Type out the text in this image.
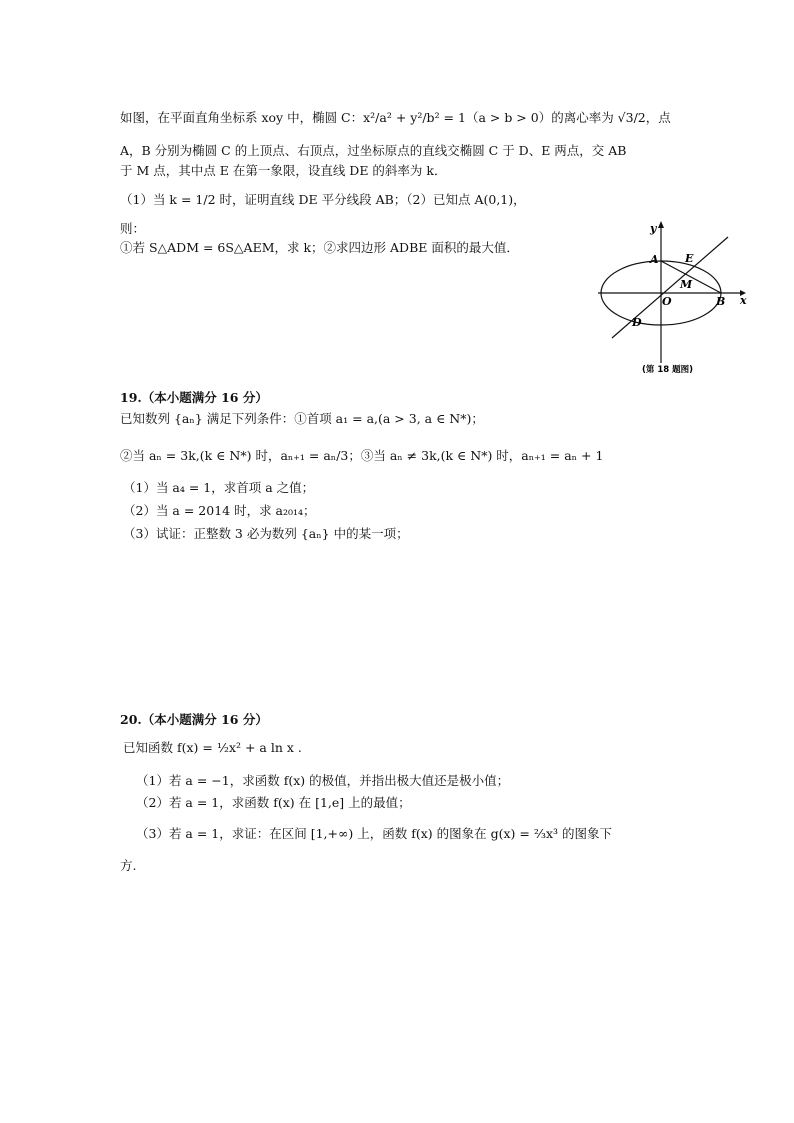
如图，在平面直角坐标系 xoy 中，椭圆 C：x²/a² + y²/b² = 1（a > b > 0）的离心率为 √3/2，点
A，B 分别为椭圆 C 的上顶点、右顶点，过坐标原点的直线交椭圆 C 于 D、E 两点，交 AB
于 M 点，其中点 E 在第一象限，设直线 DE 的斜率为 k．
（1）当 k = 1/2 时，证明直线 DE 平分线段 AB；（2）已知点 A(0,1)，
则：
①若 S△ADM = 6S△AEM，求 k；②求四边形 ADBE 面积的最大值．
y
x
A E
M
O	B
D
(第 18 题图)
19.（本小题满分 16 分）
已知数列 {aₙ} 满足下列条件：①首项 a₁ = a,(a > 3, a ∈ N*)；
②当 aₙ = 3k,(k ∈ N*) 时，aₙ₊₁ = aₙ/3；③当 aₙ ≠ 3k,(k ∈ N*) 时，aₙ₊₁ = aₙ + 1
（1）当 a₄ = 1，求首项 a 之值；
（2）当 a = 2014 时，求 a₂₀₁₄；
（3）试证：正整数 3 必为数列 {aₙ} 中的某一项；
20.（本小题满分 16 分）
已知函数 f(x) = ½x² + a ln x .
（1）若 a = −1，求函数 f(x) 的极值，并指出极大值还是极小值；
（2）若 a = 1，求函数 f(x) 在 [1,e] 上的最值；
（3）若 a = 1，求证：在区间 [1,+∞) 上，函数 f(x) 的图象在 g(x) = ⅔x³ 的图象下
方.
